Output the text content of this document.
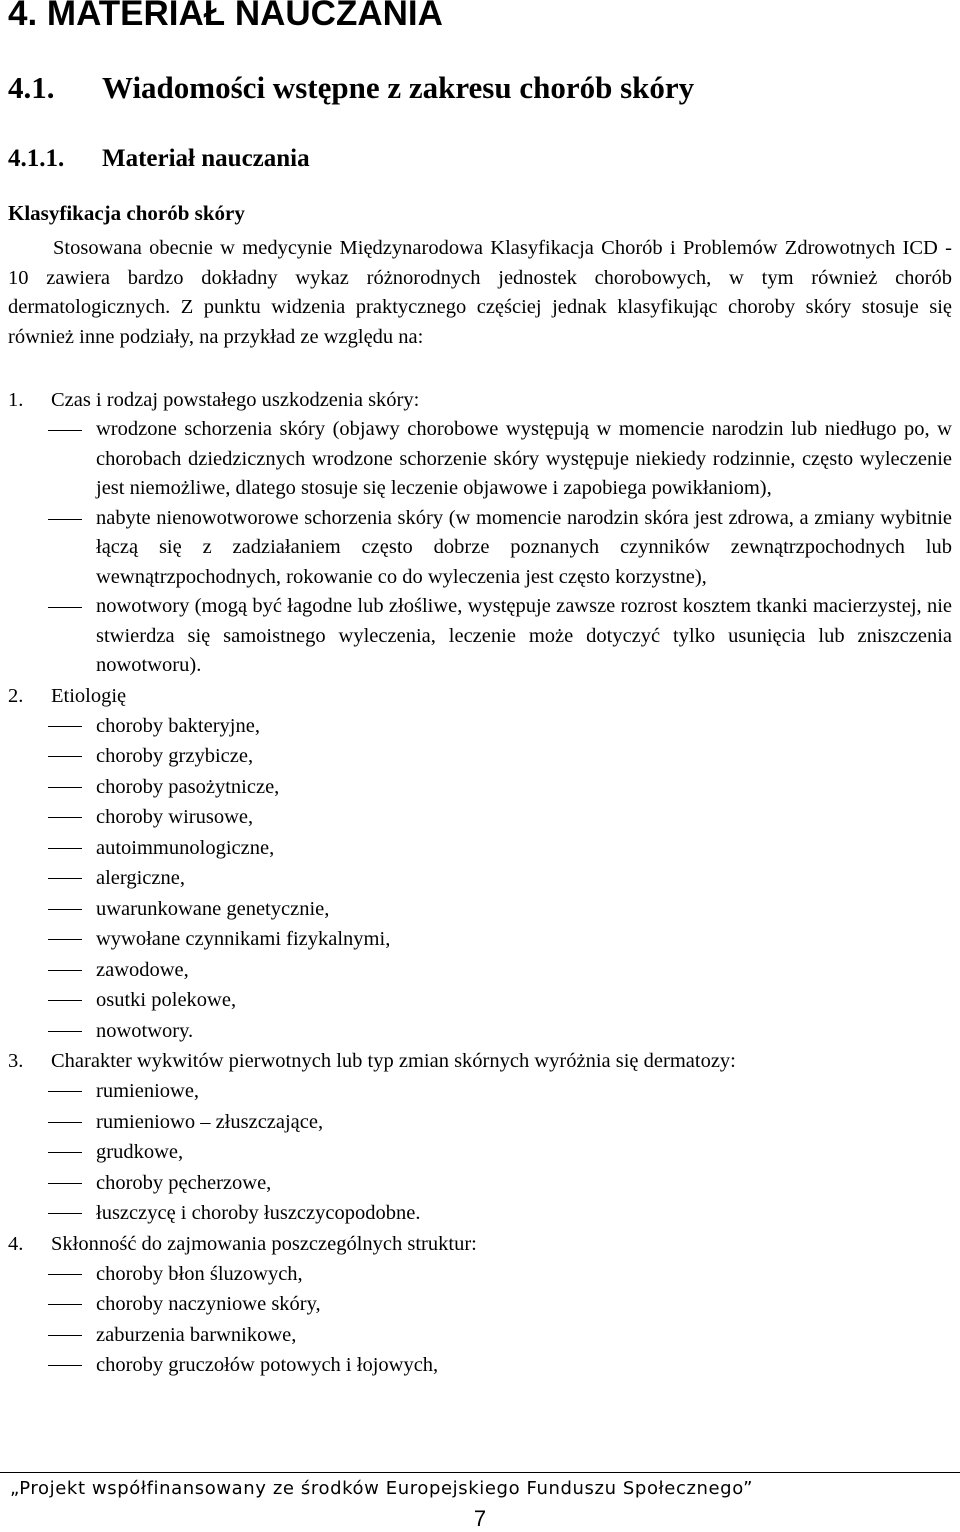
4. MATERIAŁ NAUCZANIA
4.1. Wiadomości wstępne z zakresu chorób skóry
4.1.1. Materiał nauczania

Klasyfikacja chorób skóry

Stosowana obecnie w medycynie Międzynarodowa Klasyfikacja Chorób i Problemów Zdrowotnych ICD - 10 zawiera bardzo dokładny wykaz różnorodnych jednostek chorobowych, w tym również chorób dermatologicznych. Z punktu widzenia praktycznego częściej jednak klasyfikując choroby skóry stosuje się również inne podziały, na przykład ze względu na:

1. Czas i rodzaj powstałego uszkodzenia skóry:
wrodzone schorzenia skóry (objawy chorobowe występują w momencie narodzin lub niedługo po, w chorobach dziedzicznych wrodzone schorzenie skóry występuje niekiedy rodzinnie, często wyleczenie jest niemożliwe, dlatego stosuje się leczenie objawowe i zapobiega powikłaniom),
nabyte nienowotworowe schorzenia skóry (w momencie narodzin skóra jest zdrowa, a zmiany wybitnie łączą się z zadziałaniem często dobrze poznanych czynników zewnątrzpochodnych lub wewnątrzpochodnych, rokowanie co do wyleczenia jest często korzystne),
nowotwory (mogą być łagodne lub złośliwe, występuje zawsze rozrost kosztem tkanki macierzystej, nie stwierdza się samoistnego wyleczenia, leczenie może dotyczyć tylko usunięcia lub zniszczenia nowotworu).
2. Etiologię
choroby bakteryjne,
choroby grzybicze,
choroby pasożytnicze,
choroby wirusowe,
autoimmunologiczne,
alergiczne,
uwarunkowane genetycznie,
wywołane czynnikami fizykalnymi,
zawodowe,
osutki polekowe,
nowotwory.
3. Charakter wykwitów pierwotnych lub typ zmian skórnych wyróżnia się dermatozy:
rumieniowe,
rumieniowo – złuszczające,
grudkowe,
choroby pęcherzowe,
łuszczycę i choroby łuszczycopodobne.
4. Skłonność do zajmowania poszczególnych struktur:
choroby błon śluzowych,
choroby naczyniowe skóry,
zaburzenia barwnikowe,
choroby gruczołów potowych i łojowych,

„Projekt współfinansowany ze środków Europejskiego Funduszu Społecznego”

7
